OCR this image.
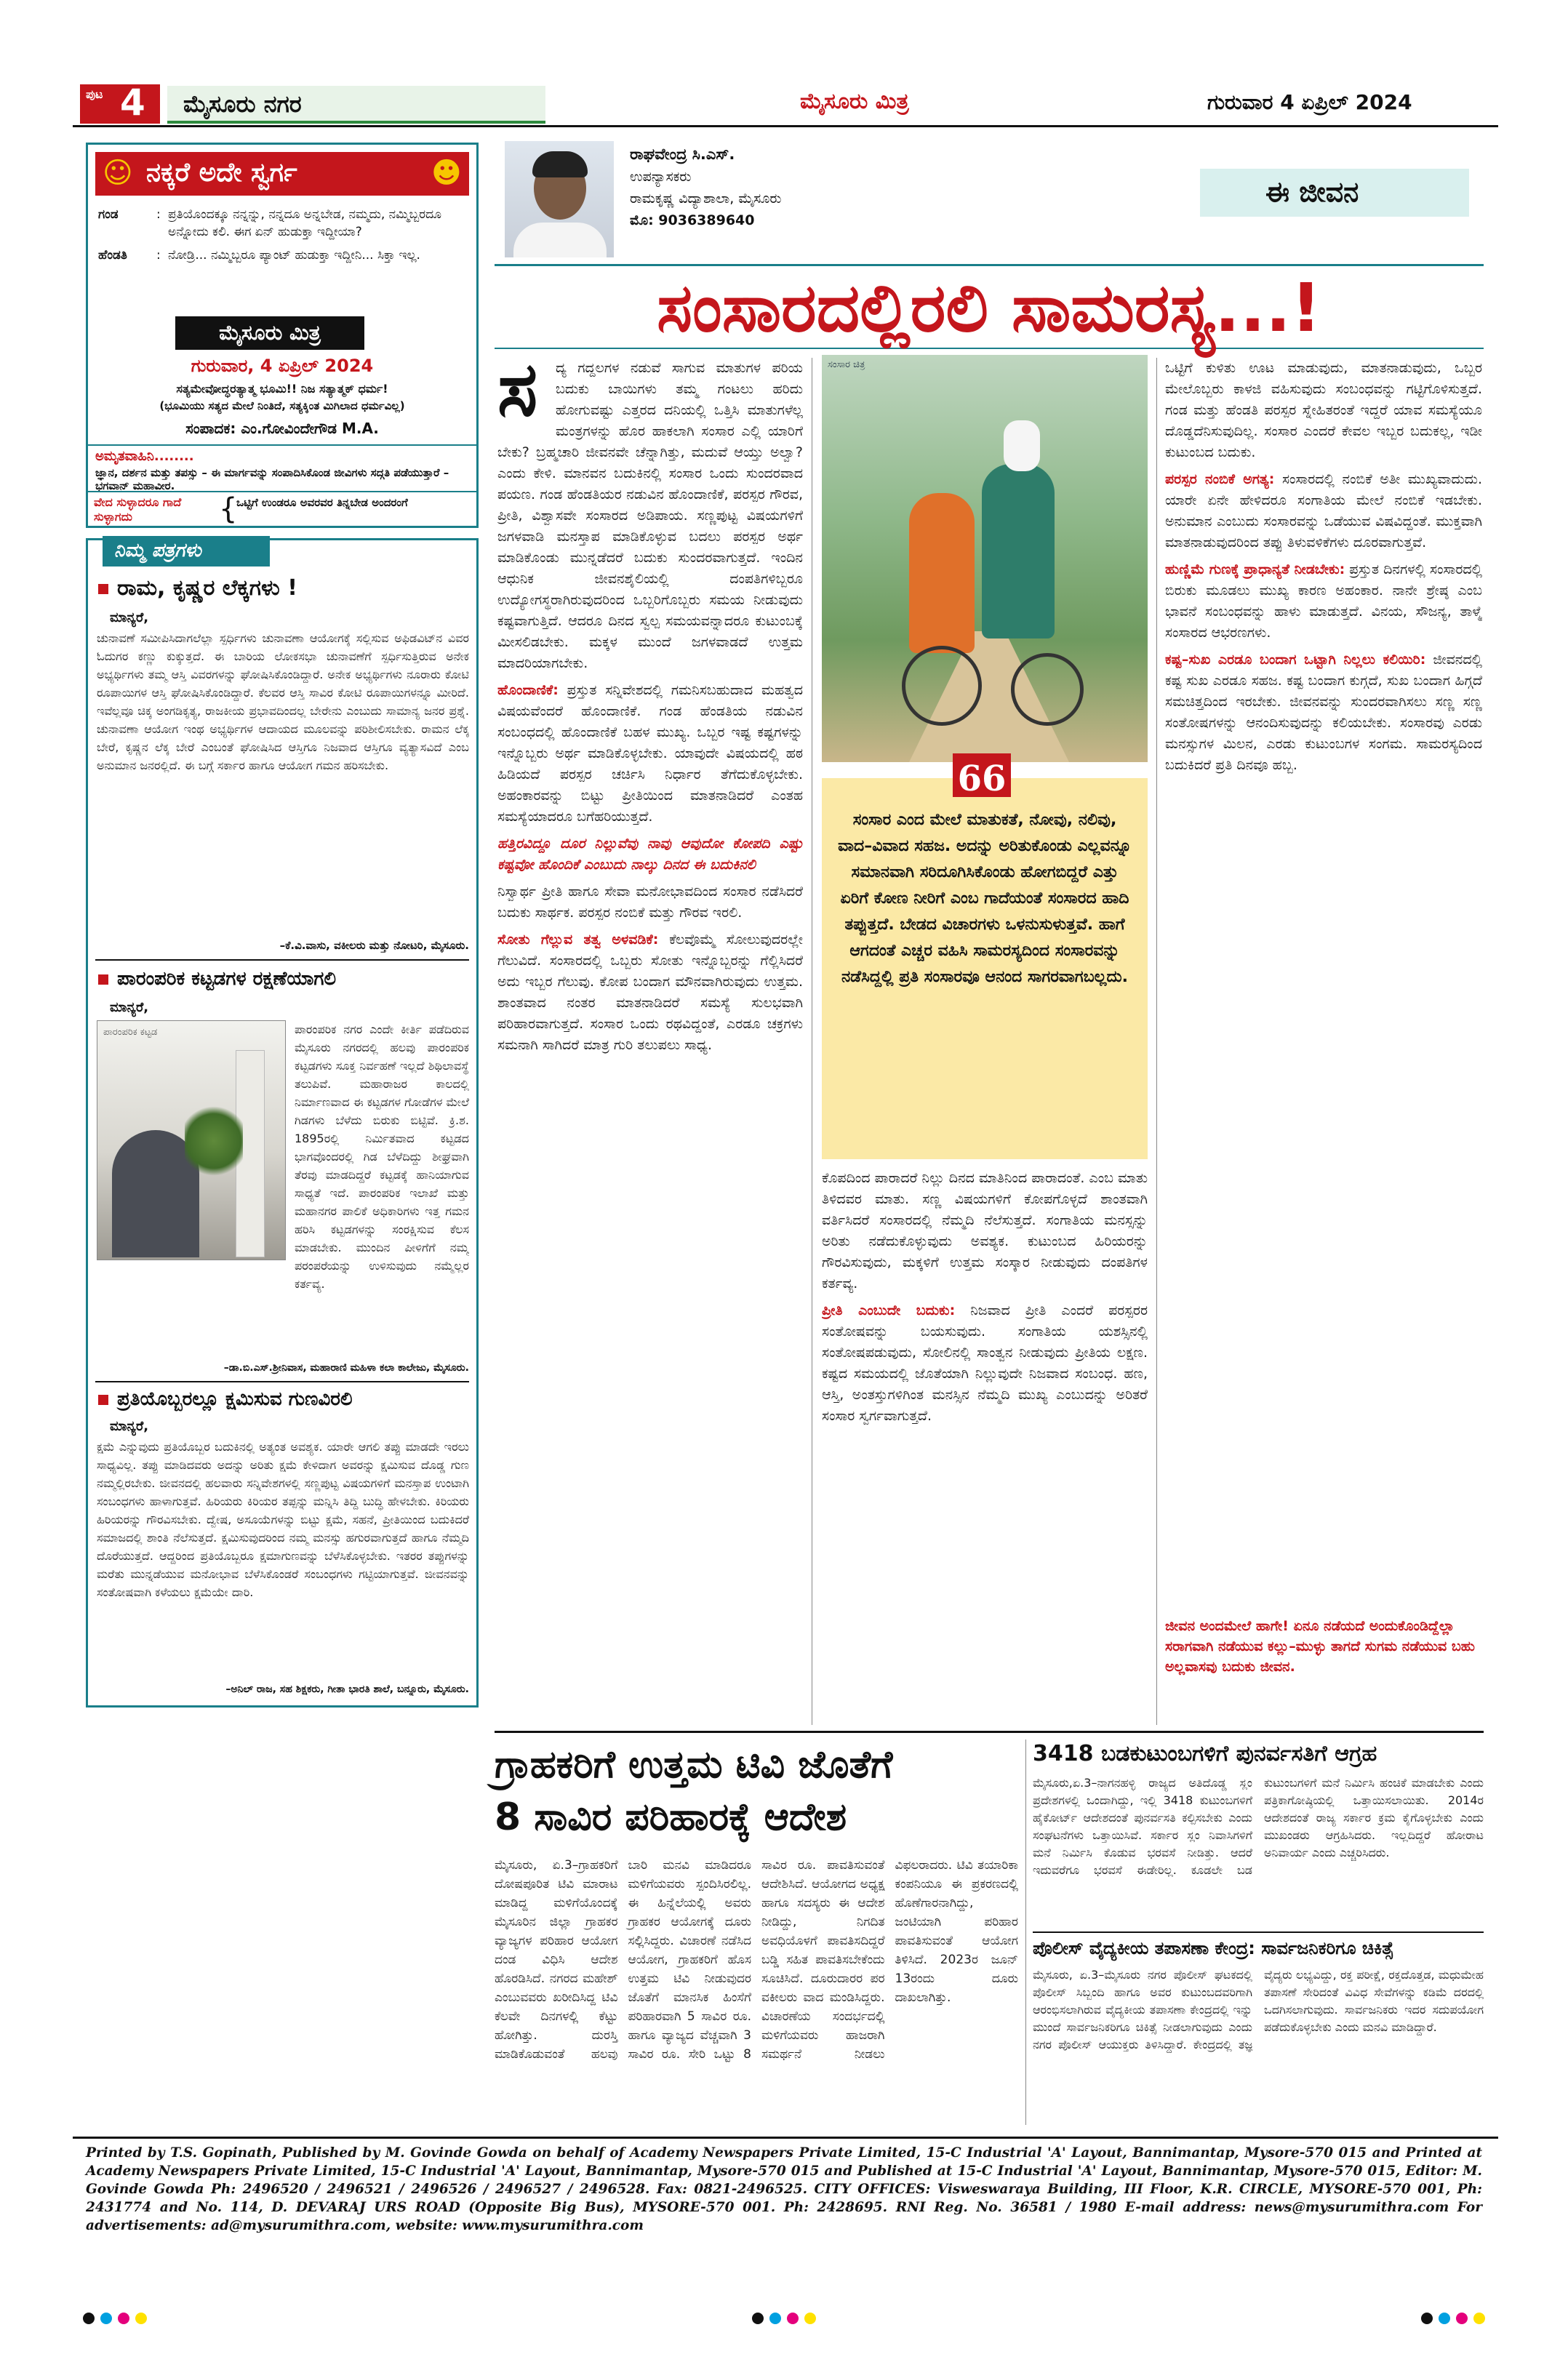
ಪುಟ 4 ಮೈಸೂರು ನಗರ	ಮೈಸೂರು ಮಿತ್ರ	ಗುರುವಾರ 4 ಏಪ್ರಿಲ್ 2024
☺ ನಕ್ಕರೆ ಅದೇ ಸ್ವರ್ಗ	☻
ಗಂಡ	: ಪ್ರತಿಯೊಂದಕ್ಕೂ ನನ್ನನ್ನು, ನನ್ನದೂ ಅನ್ನಬೇಡ, ನಮ್ಮದು, ನಮ್ಮಿಬ್ಬರದೂ ಅನ್ನೋದು ಕಲಿ. ಈಗ ಏನ್ ಹುಡುಕ್ತಾ ಇದ್ದೀಯಾ?
ಹೆಂಡತಿ	: ನೋಡ್ರಿ... ನಮ್ಮಿಬ್ಬರೂ ಪ್ಯಾಂಟ್ ಹುಡುಕ್ತಾ ಇದ್ದೀನಿ... ಸಿಕ್ತಾ ಇಲ್ಲ.
ಮೈಸೂರು ಮಿತ್ರ
ಗುರುವಾರ, 4 ಏಪ್ರಿಲ್ 2024
ಸತ್ಯಮೇವೋದ್ಧರತ್ಯಾತ್ಮ ಭೂಮಿ!! ನಿಜ ಸತ್ಯಾತ್ಮಕ್ ಧರ್ಮ!
(ಭೂಮಿಯು ಸತ್ಯದ ಮೇಲೆ ನಿಂತಿದೆ, ಸತ್ಯಕ್ಕಿಂತ ಮಿಗಿಲಾದ ಧರ್ಮವಿಲ್ಲ)
ಸಂಪಾದಕ: ಎಂ.ಗೋವಿಂದೇಗೌಡ M.A.
ಅಮೃತವಾಹಿನಿ........
ಜ್ಞಾನ, ದರ್ಶನ ಮತ್ತು ತಪಸ್ಸು – ಈ ಮಾರ್ಗವನ್ನು ಸಂಪಾದಿಸಿಕೊಂಡ ಜೀವಿಗಳು ಸದ್ಗತಿ ಪಡೆಯುತ್ತಾರೆ –ಭಗವಾನ್ ಮಹಾವೀರ.
ವೇದ ಸುಳ್ಳಾದರೂ ಗಾದೆ ಸುಳ್ಳಾಗದು	{
ಒಟ್ಟಿಗೆ ಉಂಡರೂ ಅವರವರ ತಿನ್ನಬೇಡ ಅಂದರಂಗೆ
ನಿಮ್ಮ ಪತ್ರಗಳು
ರಾಮ, ಕೃಷ್ಣರ ಲೆಕ್ಕಗಳು !
ಮಾನ್ಯರೆ,
ಚುನಾವಣೆ ಸಮೀಪಿಸಿದಾಗಲೆಲ್ಲಾ ಸ್ಪರ್ಧಿಗಳು ಚುನಾವಣಾ ಆಯೋಗಕ್ಕೆ ಸಲ್ಲಿಸುವ ಅಫಿಡವಿಟ್‌ನ ವಿವರ ಓದುಗರ ಕಣ್ಣು ಕುಕ್ಕುತ್ತದೆ. ಈ ಬಾರಿಯ ಲೋಕಸಭಾ ಚುನಾವಣೆಗೆ ಸ್ಪರ್ಧಿಸುತ್ತಿರುವ ಅನೇಕ ಅಭ್ಯರ್ಥಿಗಳು ತಮ್ಮ ಆಸ್ತಿ ವಿವರಗಳನ್ನು ಘೋಷಿಸಿಕೊಂಡಿದ್ದಾರೆ. ಅನೇಕ ಅಭ್ಯರ್ಥಿಗಳು ನೂರಾರು ಕೋಟಿ ರೂಪಾಯಿಗಳ ಆಸ್ತಿ ಘೋಷಿಸಿಕೊಂಡಿದ್ದಾರೆ. ಕೆಲವರ ಆಸ್ತಿ ಸಾವಿರ ಕೋಟಿ ರೂಪಾಯಿಗಳನ್ನೂ ಮೀರಿದೆ. ಇವೆಲ್ಲವೂ ಚಿಕ್ಕ ಅಂಗಡಿಕೃತ್ಯ, ರಾಜಕೀಯ ಪ್ರಭಾವದಿಂದಲ್ಲ ಬೇರೇನು ಎಂಬುದು ಸಾಮಾನ್ಯ ಜನರ ಪ್ರಶ್ನೆ. ಚುನಾವಣಾ ಆಯೋಗ ಇಂಥ ಅಭ್ಯರ್ಥಿಗಳ ಆದಾಯದ ಮೂಲವನ್ನು ಪರಿಶೀಲಿಸಬೇಕು. ರಾಮನ ಲೆಕ್ಕ ಬೇರೆ, ಕೃಷ್ಣನ ಲೆಕ್ಕ ಬೇರೆ ಎಂಬಂತೆ ಘೋಷಿಸಿದ ಆಸ್ತಿಗೂ ನಿಜವಾದ ಆಸ್ತಿಗೂ ವ್ಯತ್ಯಾಸವಿದೆ ಎಂಬ ಅನುಮಾನ ಜನರಲ್ಲಿದೆ. ಈ ಬಗ್ಗೆ ಸರ್ಕಾರ ಹಾಗೂ ಆಯೋಗ ಗಮನ ಹರಿಸಬೇಕು.
–ಕೆ.ವಿ.ವಾಸು, ವಕೀಲರು ಮತ್ತು ನೋಟರಿ, ಮೈಸೂರು.
ಪಾರಂಪರಿಕ ಕಟ್ಟಡಗಳ ರಕ್ಷಣೆಯಾಗಲಿ
ಮಾನ್ಯರೆ,
ಪಾರಂಪರಿಕ ಕಟ್ಟಡ	ಪಾರಂಪರಿಕ ನಗರ ಎಂದೇ ಕೀರ್ತಿ ಪಡೆದಿರುವ ಮೈಸೂರು ನಗರದಲ್ಲಿ ಹಲವು ಪಾರಂಪರಿಕ ಕಟ್ಟಡಗಳು ಸೂಕ್ತ ನಿರ್ವಹಣೆ ಇಲ್ಲದೆ ಶಿಥಿಲಾವಸ್ಥೆ ತಲುಪಿವೆ. ಮಹಾರಾಜರ ಕಾಲದಲ್ಲಿ ನಿರ್ಮಾಣವಾದ ಈ ಕಟ್ಟಡಗಳ ಗೋಡೆಗಳ ಮೇಲೆ ಗಿಡಗಳು ಬೆಳೆದು ಬಿರುಕು ಬಿಟ್ಟಿವೆ. ಕ್ರಿ.ಶ. 1895ರಲ್ಲಿ ನಿರ್ಮಿತವಾದ ಕಟ್ಟಡದ ಭಾಗವೊಂದರಲ್ಲಿ ಗಿಡ ಬೆಳೆದಿದ್ದು ಶೀಘ್ರವಾಗಿ ತೆರವು ಮಾಡದಿದ್ದರೆ ಕಟ್ಟಡಕ್ಕೆ ಹಾನಿಯಾಗುವ ಸಾಧ್ಯತೆ ಇದೆ. ಪಾರಂಪರಿಕ ಇಲಾಖೆ ಮತ್ತು ಮಹಾನಗರ ಪಾಲಿಕೆ ಅಧಿಕಾರಿಗಳು ಇತ್ತ ಗಮನ ಹರಿಸಿ ಕಟ್ಟಡಗಳನ್ನು ಸಂರಕ್ಷಿಸುವ ಕೆಲಸ ಮಾಡಬೇಕು. ಮುಂದಿನ ಪೀಳಿಗೆಗೆ ನಮ್ಮ ಪರಂಪರೆಯನ್ನು ಉಳಿಸುವುದು ನಮ್ಮೆಲ್ಲರ ಕರ್ತವ್ಯ.
–ಡಾ.ಬಿ.ಎಸ್.ಶ್ರೀನಿವಾಸ, ಮಹಾರಾಣಿ ಮಹಿಳಾ ಕಲಾ ಕಾಲೇಜು, ಮೈಸೂರು.
ಪ್ರತಿಯೊಬ್ಬರಲ್ಲೂ ಕ್ಷಮಿಸುವ ಗುಣವಿರಲಿ
ಮಾನ್ಯರೆ,
ಕ್ಷಮೆ ಎನ್ನುವುದು ಪ್ರತಿಯೊಬ್ಬರ ಬದುಕಿನಲ್ಲಿ ಅತ್ಯಂತ ಅವಶ್ಯಕ. ಯಾರೇ ಆಗಲಿ ತಪ್ಪು ಮಾಡದೇ ಇರಲು ಸಾಧ್ಯವಿಲ್ಲ. ತಪ್ಪು ಮಾಡಿದವರು ಅದನ್ನು ಅರಿತು ಕ್ಷಮೆ ಕೇಳಿದಾಗ ಅವರನ್ನು ಕ್ಷಮಿಸುವ ದೊಡ್ಡ ಗುಣ ನಮ್ಮಲ್ಲಿರಬೇಕು. ಜೀವನದಲ್ಲಿ ಹಲವಾರು ಸನ್ನಿವೇಶಗಳಲ್ಲಿ ಸಣ್ಣಪುಟ್ಟ ವಿಷಯಗಳಿಗೆ ಮನಸ್ತಾಪ ಉಂಟಾಗಿ ಸಂಬಂಧಗಳು ಹಾಳಾಗುತ್ತವೆ. ಹಿರಿಯರು ಕಿರಿಯರ ತಪ್ಪನ್ನು ಮನ್ನಿಸಿ ತಿದ್ದಿ ಬುದ್ಧಿ ಹೇಳಬೇಕು. ಕಿರಿಯರು ಹಿರಿಯರನ್ನು ಗೌರವಿಸಬೇಕು. ದ್ವೇಷ, ಅಸೂಯೆಗಳನ್ನು ಬಿಟ್ಟು ಕ್ಷಮೆ, ಸಹನೆ, ಪ್ರೀತಿಯಿಂದ ಬದುಕಿದರೆ ಸಮಾಜದಲ್ಲಿ ಶಾಂತಿ ನೆಲೆಸುತ್ತದೆ. ಕ್ಷಮಿಸುವುದರಿಂದ ನಮ್ಮ ಮನಸ್ಸು ಹಗುರವಾಗುತ್ತದೆ ಹಾಗೂ ನೆಮ್ಮದಿ ದೊರೆಯುತ್ತದೆ. ಆದ್ದರಿಂದ ಪ್ರತಿಯೊಬ್ಬರೂ ಕ್ಷಮಾಗುಣವನ್ನು ಬೆಳೆಸಿಕೊಳ್ಳಬೇಕು. ಇತರರ ತಪ್ಪುಗಳನ್ನು ಮರೆತು ಮುನ್ನಡೆಯುವ ಮನೋಭಾವ ಬೆಳೆಸಿಕೊಂಡರೆ ಸಂಬಂಧಗಳು ಗಟ್ಟಿಯಾಗುತ್ತವೆ. ಜೀವನವನ್ನು ಸಂತೋಷವಾಗಿ ಕಳೆಯಲು ಕ್ಷಮೆಯೇ ದಾರಿ.
–ಅನಿಲ್ ರಾಜ, ಸಹ ಶಿಕ್ಷಕರು, ಗೀತಾ ಭಾರತಿ ಶಾಲೆ, ಬನ್ನೂರು, ಮೈಸೂರು.
ರಾಘವೇಂದ್ರ ಸಿ.ಎಸ್.
ಉಪನ್ಯಾಸಕರು
ರಾಮಕೃಷ್ಣ ವಿದ್ಯಾಶಾಲಾ, ಮೈಸೂರು
ಮೊ: 9036389640
ಈ ಜೀವನ
ಸಂಸಾರದಲ್ಲಿರಲಿ ಸಾಮರಸ್ಯ...!
ಸ	ದ್ಯ ಗದ್ದಲಗಳ ನಡುವೆ ಸಾಗುವ ಮಾತುಗಳ ಪರಿಯ ಬದುಕು ಬಾಯಿಗಳು ತಮ್ಮ ಗಂಟಲು ಹರಿದು ಹೋಗುವಷ್ಟು ಎತ್ತರದ ದನಿಯಲ್ಲಿ ಒತ್ತಿಸಿ ಮಾತುಗಳೆಲ್ಲ ಮಂತ್ರಗಳನ್ನು ಹೊರ ಹಾಕಲಾಗಿ ಸಂಸಾರ ಎಲ್ಲಿ ಯಾರಿಗೆ ಬೇಕು? ಬ್ರಹ್ಮಚಾರಿ ಜೀವನವೇ ಚೆನ್ನಾಗಿತ್ತು, ಮದುವೆ ಆಯ್ತು ಅಲ್ವಾ? ಎಂದು ಕೇಳಿ. ಮಾನವನ ಬದುಕಿನಲ್ಲಿ ಸಂಸಾರ ಒಂದು ಸುಂದರವಾದ ಪಯಣ. ಗಂಡ ಹೆಂಡತಿಯರ ನಡುವಿನ ಹೊಂದಾಣಿಕೆ, ಪರಸ್ಪರ ಗೌರವ, ಪ್ರೀತಿ, ವಿಶ್ವಾಸವೇ ಸಂಸಾರದ ಅಡಿಪಾಯ. ಸಣ್ಣಪುಟ್ಟ ವಿಷಯಗಳಿಗೆ ಜಗಳವಾಡಿ ಮನಸ್ತಾಪ ಮಾಡಿಕೊಳ್ಳುವ ಬದಲು ಪರಸ್ಪರ ಅರ್ಥ ಮಾಡಿಕೊಂಡು ಮುನ್ನಡೆದರೆ ಬದುಕು ಸುಂದರವಾಗುತ್ತದೆ. ಇಂದಿನ ಆಧುನಿಕ ಜೀವನಶೈಲಿಯಲ್ಲಿ ದಂಪತಿಗಳಿಬ್ಬರೂ ಉದ್ಯೋಗಸ್ಥರಾಗಿರುವುದರಿಂದ ಒಬ್ಬರಿಗೊಬ್ಬರು ಸಮಯ ನೀಡುವುದು ಕಷ್ಟವಾಗುತ್ತಿದೆ. ಆದರೂ ದಿನದ ಸ್ವಲ್ಪ ಸಮಯವನ್ನಾದರೂ ಕುಟುಂಬಕ್ಕೆ ಮೀಸಲಿಡಬೇಕು. ಮಕ್ಕಳ ಮುಂದೆ ಜಗಳವಾಡದೆ ಉತ್ತಮ ಮಾದರಿಯಾಗಬೇಕು.
ಹೊಂದಾಣಿಕೆ: ಪ್ರಸ್ತುತ ಸನ್ನಿವೇಶದಲ್ಲಿ ಗಮನಿಸಬಹುದಾದ ಮಹತ್ವದ ವಿಷಯವೆಂದರೆ ಹೊಂದಾಣಿಕೆ. ಗಂಡ ಹೆಂಡತಿಯ ನಡುವಿನ ಸಂಬಂಧದಲ್ಲಿ ಹೊಂದಾಣಿಕೆ ಬಹಳ ಮುಖ್ಯ. ಒಬ್ಬರ ಇಷ್ಟ ಕಷ್ಟಗಳನ್ನು ಇನ್ನೊಬ್ಬರು ಅರ್ಥ ಮಾಡಿಕೊಳ್ಳಬೇಕು. ಯಾವುದೇ ವಿಷಯದಲ್ಲಿ ಹಠ ಹಿಡಿಯದೆ ಪರಸ್ಪರ ಚರ್ಚಿಸಿ ನಿರ್ಧಾರ ತೆಗೆದುಕೊಳ್ಳಬೇಕು. ಅಹಂಕಾರವನ್ನು ಬಿಟ್ಟು ಪ್ರೀತಿಯಿಂದ ಮಾತನಾಡಿದರೆ ಎಂತಹ ಸಮಸ್ಯೆಯಾದರೂ ಬಗೆಹರಿಯುತ್ತದೆ.
ಹತ್ತಿರವಿದ್ದೂ ದೂರ ನಿಲ್ಲುವೆವು ನಾವು ಆವುದೋ ಕೋಪದಿ ಎಷ್ಟು ಕಷ್ಟವೋ ಹೊಂದಿಕೆ ಎಂಬುದು ನಾಲ್ಕು ದಿನದ ಈ ಬದುಕಿನಲಿ
ನಿಸ್ವಾರ್ಥ ಪ್ರೀತಿ ಹಾಗೂ ಸೇವಾ ಮನೋಭಾವದಿಂದ ಸಂಸಾರ ನಡೆಸಿದರೆ ಬದುಕು ಸಾರ್ಥಕ. ಪರಸ್ಪರ ನಂಬಿಕೆ ಮತ್ತು ಗೌರವ ಇರಲಿ.
ಸೋತು ಗೆಲ್ಲುವ ತತ್ವ ಅಳವಡಿಕೆ: ಕೆಲವೊಮ್ಮೆ ಸೋಲುವುದರಲ್ಲೇ ಗೆಲುವಿದೆ. ಸಂಸಾರದಲ್ಲಿ ಒಬ್ಬರು ಸೋತು ಇನ್ನೊಬ್ಬರನ್ನು ಗೆಲ್ಲಿಸಿದರೆ ಅದು ಇಬ್ಬರ ಗೆಲುವು. ಕೋಪ ಬಂದಾಗ ಮೌನವಾಗಿರುವುದು ಉತ್ತಮ. ಶಾಂತವಾದ ನಂತರ ಮಾತನಾಡಿದರೆ ಸಮಸ್ಯೆ ಸುಲಭವಾಗಿ ಪರಿಹಾರವಾಗುತ್ತದೆ. ಸಂಸಾರ ಒಂದು ರಥವಿದ್ದಂತೆ, ಎರಡೂ ಚಕ್ರಗಳು ಸಮನಾಗಿ ಸಾಗಿದರೆ ಮಾತ್ರ ಗುರಿ ತಲುಪಲು ಸಾಧ್ಯ.
ಸಂಸಾರ ಚಿತ್ರ
66
ಸಂಸಾರ ಎಂದ ಮೇಲೆ ಮಾತುಕತೆ, ನೋವು, ನಲಿವು, ವಾದ–ವಿವಾದ ಸಹಜ. ಅದನ್ನು ಅರಿತುಕೊಂಡು ಎಲ್ಲವನ್ನೂ ಸಮಾನವಾಗಿ ಸರಿದೂಗಿಸಿಕೊಂಡು ಹೋಗಬಿದ್ದರೆ ಎತ್ತು ಏರಿಗೆ ಕೋಣ ನೀರಿಗೆ ಎಂಬ ಗಾದೆಯಂತೆ ಸಂಸಾರದ ಹಾದಿ ತಪ್ಪುತ್ತದೆ. ಬೇಡದ ವಿಚಾರಗಳು ಒಳನುಸುಳುತ್ತವೆ. ಹಾಗೆ ಆಗದಂತೆ ಎಚ್ಚರ ವಹಿಸಿ ಸಾಮರಸ್ಯದಿಂದ ಸಂಸಾರವನ್ನು ನಡೆಸಿದ್ದಲ್ಲಿ ಪ್ರತಿ ಸಂಸಾರವೂ ಆನಂದ ಸಾಗರವಾಗಬಲ್ಲದು.
ಕೊಪದಿಂದ ಪಾರಾದರೆ ನಿಲ್ಲು ದಿನದ ಮಾತಿನಿಂದ ಪಾರಾದಂತೆ. ಎಂಬ ಮಾತು ತಿಳಿದವರ ಮಾತು. ಸಣ್ಣ ವಿಷಯಗಳಿಗೆ ಕೋಪಗೊಳ್ಳದೆ ಶಾಂತವಾಗಿ ವರ್ತಿಸಿದರೆ ಸಂಸಾರದಲ್ಲಿ ನೆಮ್ಮದಿ ನೆಲೆಸುತ್ತದೆ. ಸಂಗಾತಿಯ ಮನಸ್ಸನ್ನು ಅರಿತು ನಡೆದುಕೊಳ್ಳುವುದು ಅವಶ್ಯಕ. ಕುಟುಂಬದ ಹಿರಿಯರನ್ನು ಗೌರವಿಸುವುದು, ಮಕ್ಕಳಿಗೆ ಉತ್ತಮ ಸಂಸ್ಕಾರ ನೀಡುವುದು ದಂಪತಿಗಳ ಕರ್ತವ್ಯ.
ಪ್ರೀತಿ ಎಂಬುದೇ ಬದುಕು: ನಿಜವಾದ ಪ್ರೀತಿ ಎಂದರೆ ಪರಸ್ಪರರ ಸಂತೋಷವನ್ನು ಬಯಸುವುದು. ಸಂಗಾತಿಯ ಯಶಸ್ಸಿನಲ್ಲಿ ಸಂತೋಷಪಡುವುದು, ಸೋಲಿನಲ್ಲಿ ಸಾಂತ್ವನ ನೀಡುವುದು ಪ್ರೀತಿಯ ಲಕ್ಷಣ. ಕಷ್ಟದ ಸಮಯದಲ್ಲಿ ಜೊತೆಯಾಗಿ ನಿಲ್ಲುವುದೇ ನಿಜವಾದ ಸಂಬಂಧ. ಹಣ, ಆಸ್ತಿ, ಅಂತಸ್ತುಗಳಿಗಿಂತ ಮನಸ್ಸಿನ ನೆಮ್ಮದಿ ಮುಖ್ಯ ಎಂಬುದನ್ನು ಅರಿತರೆ ಸಂಸಾರ ಸ್ವರ್ಗವಾಗುತ್ತದೆ.
ಒಟ್ಟಿಗೆ ಕುಳಿತು ಊಟ ಮಾಡುವುದು, ಮಾತನಾಡುವುದು, ಒಬ್ಬರ ಮೇಲೊಬ್ಬರು ಕಾಳಜಿ ವಹಿಸುವುದು ಸಂಬಂಧವನ್ನು ಗಟ್ಟಿಗೊಳಿಸುತ್ತದೆ. ಗಂಡ ಮತ್ತು ಹೆಂಡತಿ ಪರಸ್ಪರ ಸ್ನೇಹಿತರಂತೆ ಇದ್ದರೆ ಯಾವ ಸಮಸ್ಯೆಯೂ ದೊಡ್ಡದೆನಿಸುವುದಿಲ್ಲ. ಸಂಸಾರ ಎಂದರೆ ಕೇವಲ ಇಬ್ಬರ ಬದುಕಲ್ಲ, ಇಡೀ ಕುಟುಂಬದ ಬದುಕು.
ಪರಸ್ಪರ ನಂಬಿಕೆ ಅಗತ್ಯ: ಸಂಸಾರದಲ್ಲಿ ನಂಬಿಕೆ ಅತೀ ಮುಖ್ಯವಾದುದು. ಯಾರೇ ಏನೇ ಹೇಳಿದರೂ ಸಂಗಾತಿಯ ಮೇಲೆ ನಂಬಿಕೆ ಇಡಬೇಕು. ಅನುಮಾನ ಎಂಬುದು ಸಂಸಾರವನ್ನು ಒಡೆಯುವ ವಿಷವಿದ್ದಂತೆ. ಮುಕ್ತವಾಗಿ ಮಾತನಾಡುವುದರಿಂದ ತಪ್ಪು ತಿಳುವಳಿಕೆಗಳು ದೂರವಾಗುತ್ತವೆ.
ಹುಣ್ಣಿಮೆ ಗುಣಕ್ಕೆ ಪ್ರಾಧಾನ್ಯತೆ ನೀಡಬೇಕು: ಪ್ರಸ್ತುತ ದಿನಗಳಲ್ಲಿ ಸಂಸಾರದಲ್ಲಿ ಬಿರುಕು ಮೂಡಲು ಮುಖ್ಯ ಕಾರಣ ಅಹಂಕಾರ. ನಾನೇ ಶ್ರೇಷ್ಠ ಎಂಬ ಭಾವನೆ ಸಂಬಂಧವನ್ನು ಹಾಳು ಮಾಡುತ್ತದೆ. ವಿನಯ, ಸೌಜನ್ಯ, ತಾಳ್ಮೆ ಸಂಸಾರದ ಆಭರಣಗಳು.
ಕಷ್ಟ–ಸುಖ ಎರಡೂ ಬಂದಾಗ ಒಟ್ಟಾಗಿ ನಿಲ್ಲಲು ಕಲಿಯಿರಿ: ಜೀವನದಲ್ಲಿ ಕಷ್ಟ ಸುಖ ಎರಡೂ ಸಹಜ. ಕಷ್ಟ ಬಂದಾಗ ಕುಗ್ಗದೆ, ಸುಖ ಬಂದಾಗ ಹಿಗ್ಗದೆ ಸಮಚಿತ್ತದಿಂದ ಇರಬೇಕು. ಜೀವನವನ್ನು ಸುಂದರವಾಗಿಸಲು ಸಣ್ಣ ಸಣ್ಣ ಸಂತೋಷಗಳನ್ನು ಆನಂದಿಸುವುದನ್ನು ಕಲಿಯಬೇಕು. ಸಂಸಾರವು ಎರಡು ಮನಸ್ಸುಗಳ ಮಿಲನ, ಎರಡು ಕುಟುಂಬಗಳ ಸಂಗಮ. ಸಾಮರಸ್ಯದಿಂದ ಬದುಕಿದರೆ ಪ್ರತಿ ದಿನವೂ ಹಬ್ಬ.
ಜೀವನ ಅಂದಮೇಲೆ ಹಾಗೇ! ಏನೂ ನಡೆಯದೆ ಅಂದುಕೊಂಡಿದ್ದೆಲ್ಲಾ ಸರಾಗವಾಗಿ ನಡೆಯುವ ಕಲ್ಲು–ಮುಳ್ಳು ತಾಗದೆ ಸುಗಮ ನಡೆಯುವ ಬಹು ಅಲ್ಲವಾಸವು ಬದುಕು ಜೀವನ.
ಗ್ರಾಹಕರಿಗೆ ಉತ್ತಮ ಟಿವಿ ಜೊತೆಗೆ
8 ಸಾವಿರ ಪರಿಹಾರಕ್ಕೆ ಆದೇಶ
ಮೈಸೂರು, ಏ.3–ಗ್ರಾಹಕರಿಗೆ ದೋಷಪೂರಿತ ಟಿವಿ ಮಾರಾಟ ಮಾಡಿದ್ದ ಮಳಿಗೆಯೊಂದಕ್ಕೆ ಮೈಸೂರಿನ ಜಿಲ್ಲಾ ಗ್ರಾಹಕರ ವ್ಯಾಜ್ಯಗಳ ಪರಿಹಾರ ಆಯೋಗ ದಂಡ ವಿಧಿಸಿ ಆದೇಶ ಹೊರಡಿಸಿದೆ. ನಗರದ ಮಹೇಶ್ ಎಂಬುವವರು ಖರೀದಿಸಿದ್ದ ಟಿವಿ ಕೆಲವೇ ದಿನಗಳಲ್ಲಿ ಕೆಟ್ಟು ಹೋಗಿತ್ತು. ದುರಸ್ತಿ ಮಾಡಿಕೊಡುವಂತೆ ಹಲವು ಬಾರಿ ಮನವಿ ಮಾಡಿದರೂ ಮಳಿಗೆಯವರು ಸ್ಪಂದಿಸಿರಲಿಲ್ಲ. ಈ ಹಿನ್ನೆಲೆಯಲ್ಲಿ ಅವರು ಗ್ರಾಹಕರ ಆಯೋಗಕ್ಕೆ ದೂರು ಸಲ್ಲಿಸಿದ್ದರು. ವಿಚಾರಣೆ ನಡೆಸಿದ ಆಯೋಗ, ಗ್ರಾಹಕರಿಗೆ ಹೊಸ ಉತ್ತಮ ಟಿವಿ ನೀಡುವುದರ ಜೊತೆಗೆ ಮಾನಸಿಕ ಹಿಂಸೆಗೆ ಪರಿಹಾರವಾಗಿ 5 ಸಾವಿರ ರೂ. ಹಾಗೂ ವ್ಯಾಜ್ಯದ ವೆಚ್ಚವಾಗಿ 3 ಸಾವಿರ ರೂ. ಸೇರಿ ಒಟ್ಟು 8 ಸಾವಿರ ರೂ. ಪಾವತಿಸುವಂತೆ ಆದೇಶಿಸಿದೆ. ಆಯೋಗದ ಅಧ್ಯಕ್ಷ ಹಾಗೂ ಸದಸ್ಯರು ಈ ಆದೇಶ ನೀಡಿದ್ದು, ನಿಗದಿತ ಅವಧಿಯೊಳಗೆ ಪಾವತಿಸದಿದ್ದರೆ ಬಡ್ಡಿ ಸಹಿತ ಪಾವತಿಸಬೇಕೆಂದು ಸೂಚಿಸಿದೆ. ದೂರುದಾರರ ಪರ ವಕೀಲರು ವಾದ ಮಂಡಿಸಿದ್ದರು. ವಿಚಾರಣೆಯ ಸಂದರ್ಭದಲ್ಲಿ ಮಳಿಗೆಯವರು ಹಾಜರಾಗಿ ಸಮರ್ಥನೆ ನೀಡಲು ವಿಫಲರಾದರು. ಟಿವಿ ತಯಾರಿಕಾ ಕಂಪನಿಯೂ ಈ ಪ್ರಕರಣದಲ್ಲಿ ಹೊಣೆಗಾರನಾಗಿದ್ದು, ಜಂಟಿಯಾಗಿ ಪರಿಹಾರ ಪಾವತಿಸುವಂತೆ ಆಯೋಗ ತಿಳಿಸಿದೆ. 2023ರ ಜೂನ್ 13ರಂದು ದೂರು ದಾಖಲಾಗಿತ್ತು.
3418 ಬಡಕುಟುಂಬಗಳಿಗೆ ಪುನರ್ವಸತಿಗೆ ಆಗ್ರಹ
ಮೈಸೂರು,ಏ.3–ನಾಗನಹಳ್ಳಿ ರಾಜ್ಯದ ಅತಿದೊಡ್ಡ ಸ್ಲಂ ಪ್ರದೇಶಗಳಲ್ಲಿ ಒಂದಾಗಿದ್ದು, ಇಲ್ಲಿ 3418 ಕುಟುಂಬಗಳಿಗೆ ಹೈಕೋರ್ಟ್ ಆದೇಶದಂತೆ ಪುನರ್ವಸತಿ ಕಲ್ಪಿಸಬೇಕು ಎಂದು ಸಂಘಟನೆಗಳು ಒತ್ತಾಯಿಸಿವೆ. ಸರ್ಕಾರ ಸ್ಲಂ ನಿವಾಸಿಗಳಿಗೆ ಮನೆ ನಿರ್ಮಿಸಿ ಕೊಡುವ ಭರವಸೆ ನೀಡಿತ್ತು. ಆದರೆ ಇದುವರೆಗೂ ಭರವಸೆ ಈಡೇರಿಲ್ಲ. ಕೂಡಲೇ ಬಡ ಕುಟುಂಬಗಳಿಗೆ ಮನೆ ನಿರ್ಮಿಸಿ ಹಂಚಿಕೆ ಮಾಡಬೇಕು ಎಂದು ಪತ್ರಿಕಾಗೋಷ್ಠಿಯಲ್ಲಿ ಒತ್ತಾಯಿಸಲಾಯಿತು. 2014ರ ಆದೇಶದಂತೆ ರಾಜ್ಯ ಸರ್ಕಾರ ಕ್ರಮ ಕೈಗೊಳ್ಳಬೇಕು ಎಂದು ಮುಖಂಡರು ಆಗ್ರಹಿಸಿದರು. ಇಲ್ಲದಿದ್ದರೆ ಹೋರಾಟ ಅನಿವಾರ್ಯ ಎಂದು ಎಚ್ಚರಿಸಿದರು.
ಪೊಲೀಸ್ ವೈದ್ಯಕೀಯ ತಪಾಸಣಾ ಕೇಂದ್ರ: ಸಾರ್ವಜನಿಕರಿಗೂ ಚಿಕಿತ್ಸೆ
ಮೈಸೂರು, ಏ.3–ಮೈಸೂರು ನಗರ ಪೊಲೀಸ್ ಘಟಕದಲ್ಲಿ ಪೊಲೀಸ್ ಸಿಬ್ಬಂದಿ ಹಾಗೂ ಅವರ ಕುಟುಂಬದವರಿಗಾಗಿ ಆರಂಭಿಸಲಾಗಿರುವ ವೈದ್ಯಕೀಯ ತಪಾಸಣಾ ಕೇಂದ್ರದಲ್ಲಿ ಇನ್ನು ಮುಂದೆ ಸಾರ್ವಜನಿಕರಿಗೂ ಚಿಕಿತ್ಸೆ ನೀಡಲಾಗುವುದು ಎಂದು ನಗರ ಪೊಲೀಸ್ ಆಯುಕ್ತರು ತಿಳಿಸಿದ್ದಾರೆ. ಕೇಂದ್ರದಲ್ಲಿ ತಜ್ಞ ವೈದ್ಯರು ಲಭ್ಯವಿದ್ದು, ರಕ್ತ ಪರೀಕ್ಷೆ, ರಕ್ತದೊತ್ತಡ, ಮಧುಮೇಹ ತಪಾಸಣೆ ಸೇರಿದಂತೆ ವಿವಿಧ ಸೇವೆಗಳನ್ನು ಕಡಿಮೆ ದರದಲ್ಲಿ ಒದಗಿಸಲಾಗುವುದು. ಸಾರ್ವಜನಿಕರು ಇದರ ಸದುಪಯೋಗ ಪಡೆದುಕೊಳ್ಳಬೇಕು ಎಂದು ಮನವಿ ಮಾಡಿದ್ದಾರೆ.
Printed by T.S. Gopinath, Published by M. Govinde Gowda on behalf of Academy Newspapers Private Limited, 15-C Industrial 'A' Layout, Bannimantap, Mysore-570 015 and Printed at Academy Newspapers Private Limited, 15-C Industrial 'A' Layout, Bannimantap, Mysore-570 015 and Published at 15-C Industrial 'A' Layout, Bannimantap, Mysore-570 015, Editor: M. Govinde Gowda Ph: 2496520 / 2496521 / 2496526 / 2496527 / 2496528. Fax: 0821-2496525. CITY OFFICES: Visweswaraya Building, III Floor, K.R. CIRCLE, MYSORE-570 001, Ph: 2431774 and No. 114, D. DEVARAJ URS ROAD (Opposite Big Bus), MYSORE-570 001. Ph: 2428695. RNI Reg. No. 36581 / 1980 E-mail address: news@mysurumithra.com For advertisements: ad@mysurumithra.com, website: www.mysurumithra.com
